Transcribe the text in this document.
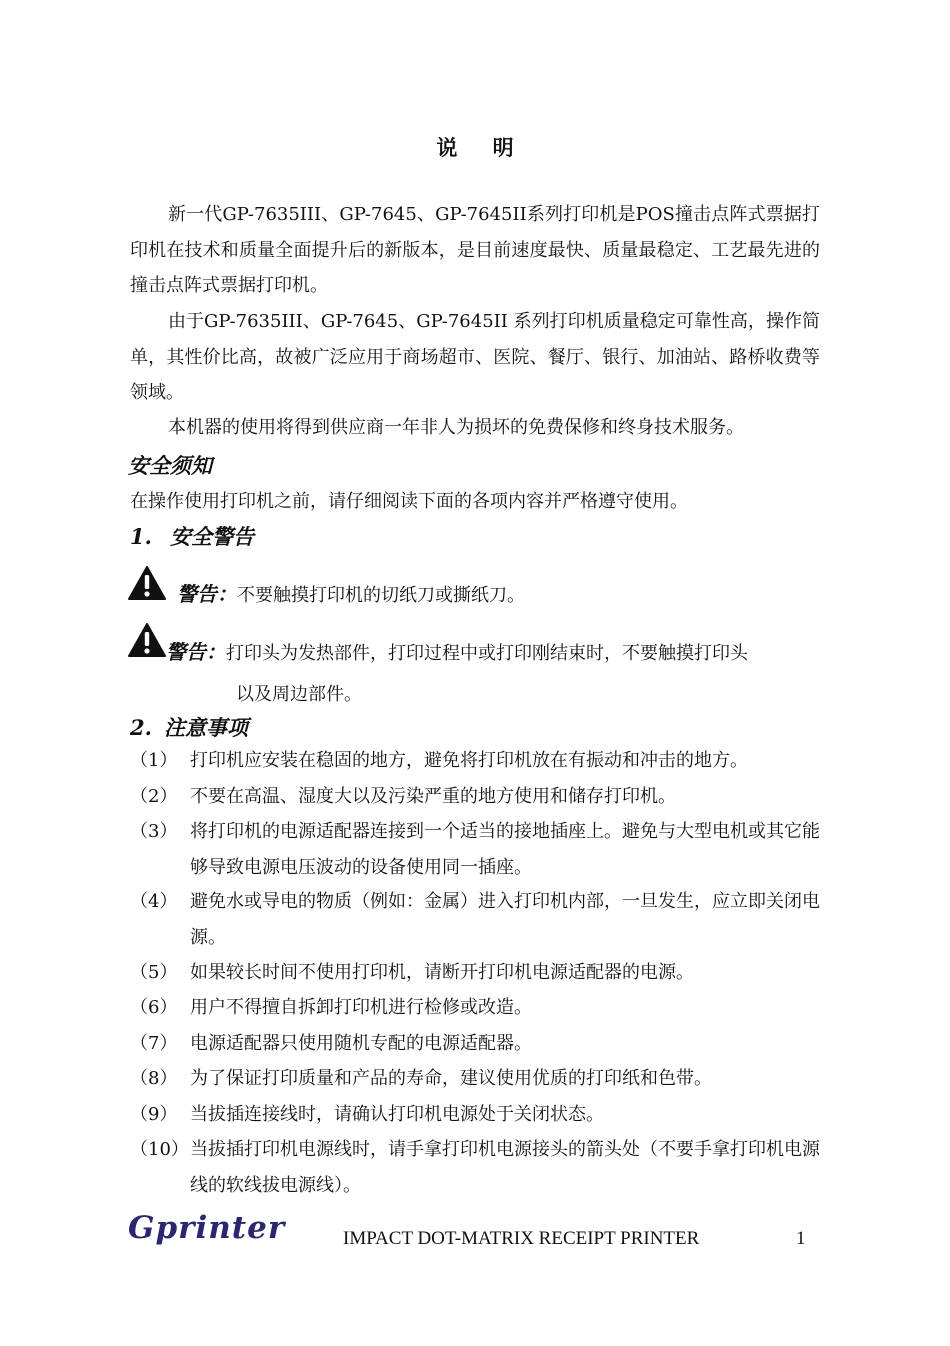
说 明

新一代GP-7635III、GP-7645、GP-7645II系列打印机是POS撞击点阵式票据打印机在技术和质量全面提升后的新版本，是目前速度最快、质量最稳定、工艺最先进的撞击点阵式票据打印机。

由于GP-7635III、GP-7645、GP-7645II 系列打印机质量稳定可靠性高，操作简单，其性价比高，故被广泛应用于商场超市、医院、餐厅、银行、加油站、路桥收费等领域。

本机器的使用将得到供应商一年非人为损坏的免费保修和终身技术服务。

安全须知
在操作使用打印机之前，请仔细阅读下面的各项内容并严格遵守使用。
1. 安全警告
警告：不要触摸打印机的切纸刀或撕纸刀。
警告：打印头为发热部件，打印过程中或打印刚结束时，不要触摸打印头
以及周边部件。
2. 注意事项
（1） 打印机应安装在稳固的地方，避免将打印机放在有振动和冲击的地方。
（2） 不要在高温、湿度大以及污染严重的地方使用和储存打印机。
（3） 将打印机的电源适配器连接到一个适当的接地插座上。避免与大型电机或其它能够导致电源电压波动的设备使用同一插座。
（4） 避免水或导电的物质（例如：金属）进入打印机内部，一旦发生，应立即关闭电源。
（5） 如果较长时间不使用打印机，请断开打印机电源适配器的电源。
（6） 用户不得擅自拆卸打印机进行检修或改造。
（7） 电源适配器只使用随机专配的电源适配器。
（8） 为了保证打印质量和产品的寿命，建议使用优质的打印纸和色带。
（9） 当拔插连接线时，请确认打印机电源处于关闭状态。
（10） 当拔插打印机电源线时，请手拿打印机电源接头的箭头处（不要手拿打印机电源线的软线拔电源线）。
Gprinter	IMPACT DOT-MATRIX RECEIPT PRINTER	1
